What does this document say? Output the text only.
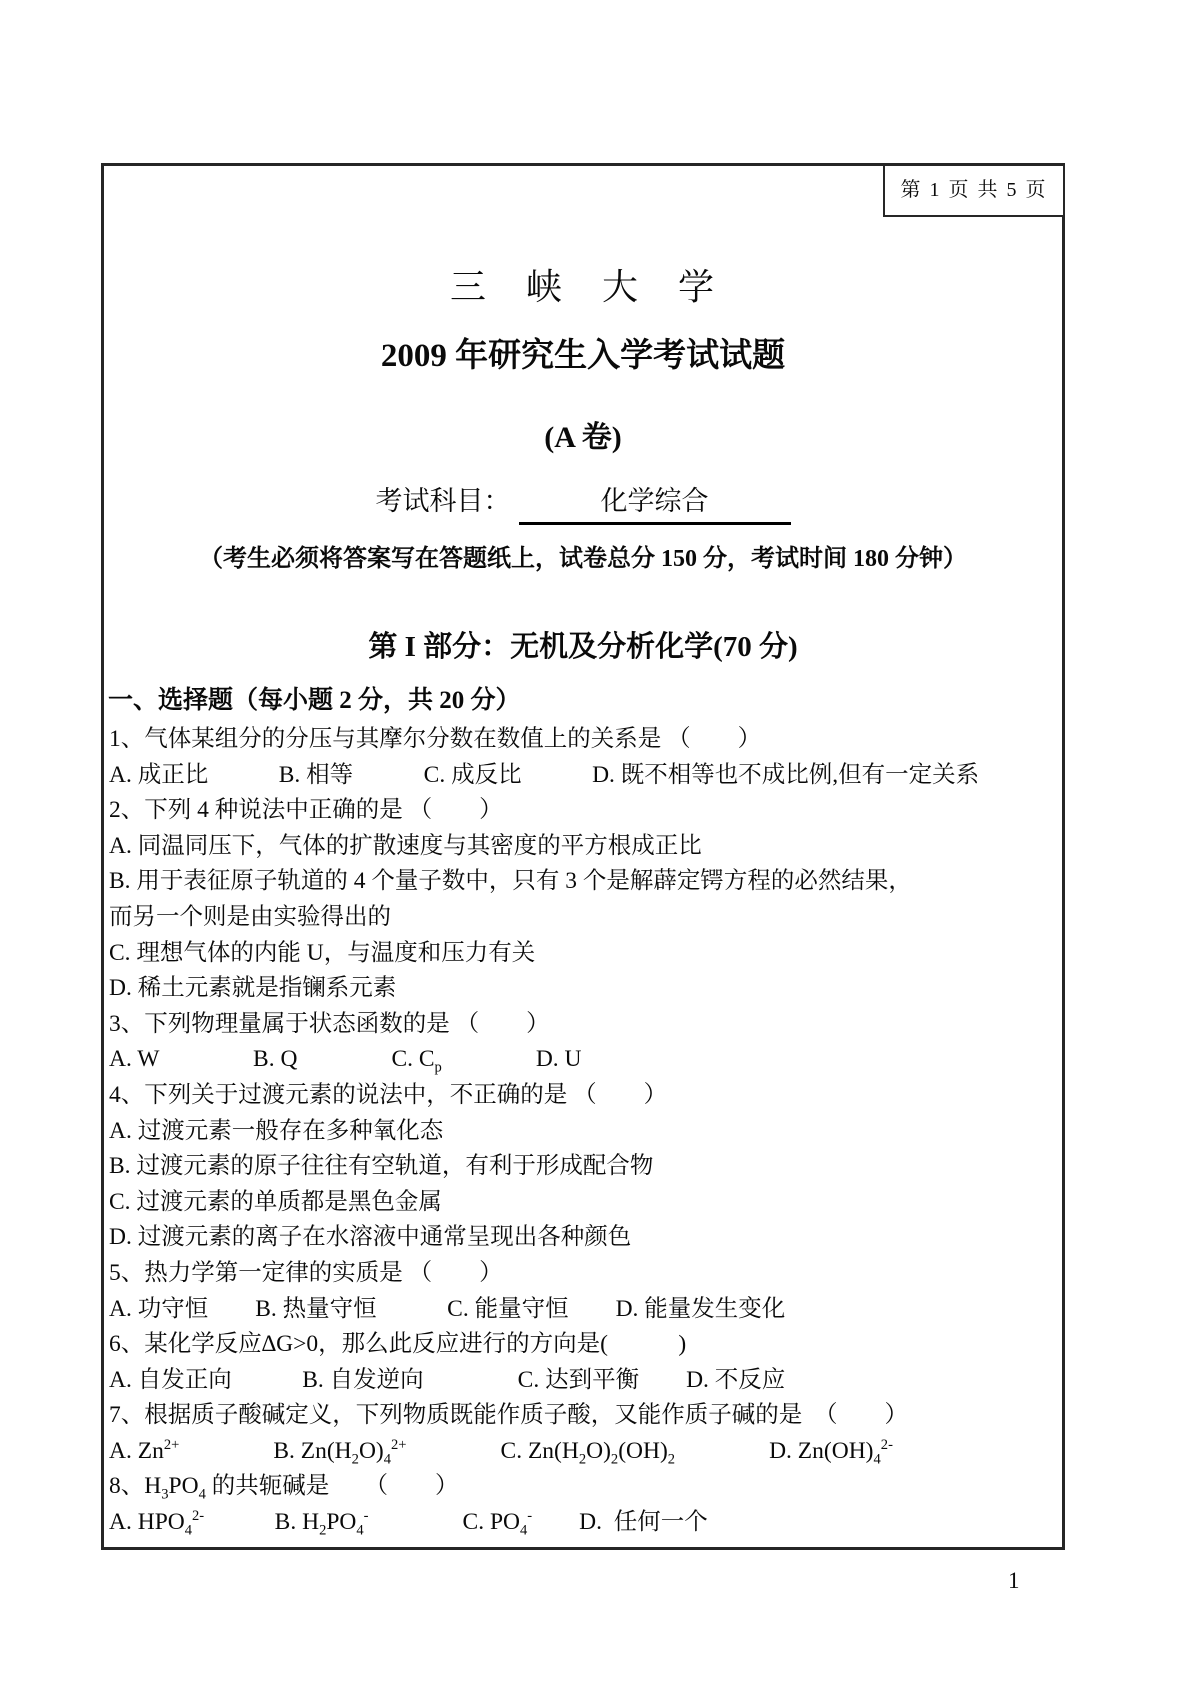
第 1 页 共 5 页
三　峡　大　学
2009 年研究生入学考试试题
(A 卷)
考试科目：	化学综合
（考生必须将答案写在答题纸上，试卷总分 150 分，考试时间 180 分钟）
第 I 部分：无机及分析化学(70 分)
一、选择题（每小题 2 分，共 20 分）
1、气体某组分的分压与其摩尔分数在数值上的关系是 （　　）
A. 成正比　　　B. 相等　　　C. 成反比　　　D. 既不相等也不成比例,但有一定关系
2、下列 4 种说法中正确的是 （　　）
A. 同温同压下，气体的扩散速度与其密度的平方根成正比
B. 用于表征原子轨道的 4 个量子数中，只有 3 个是解薜定锷方程的必然结果，
而另一个则是由实验得出的
C. 理想气体的内能 U，与温度和压力有关
D. 稀土元素就是指镧系元素
3、下列物理量属于状态函数的是 （　　）
A. W　　　　B. Q　　　　C. $C_p$　　　　D. U
4、下列关于过渡元素的说法中，不正确的是 （　　）
A. 过渡元素一般存在多种氧化态
B. 过渡元素的原子往往有空轨道，有利于形成配合物
C. 过渡元素的单质都是黑色金属
D. 过渡元素的离子在水溶液中通常呈现出各种颜色
5、热力学第一定律的实质是 （　　）
A. 功守恒　　B. 热量守恒　　　C. 能量守恒　　D. 能量发生变化
6、某化学反应∆G>0，那么此反应进行的方向是(　　　)
A. 自发正向　　　B. 自发逆向　　　　C. 达到平衡　　D. 不反应
7、根据质子酸碱定义，下列物质既能作质子酸，又能作质子碱的是　（　　）
A. $Zn^{2+}$　　　　B. $Zn(H_2O)_4^{2+}$　　　　C. $Zn(H_2O)_2(OH)_2$　　　　D. $Zn(OH)_4^{2-}$
8、$H_3PO_4$ 的共轭碱是　　（　　）
A. $HPO_4^{2-}$　　　B. $H_2PO_4^-$　　　　C. $PO_4^-$　　D.  任何一个
1
